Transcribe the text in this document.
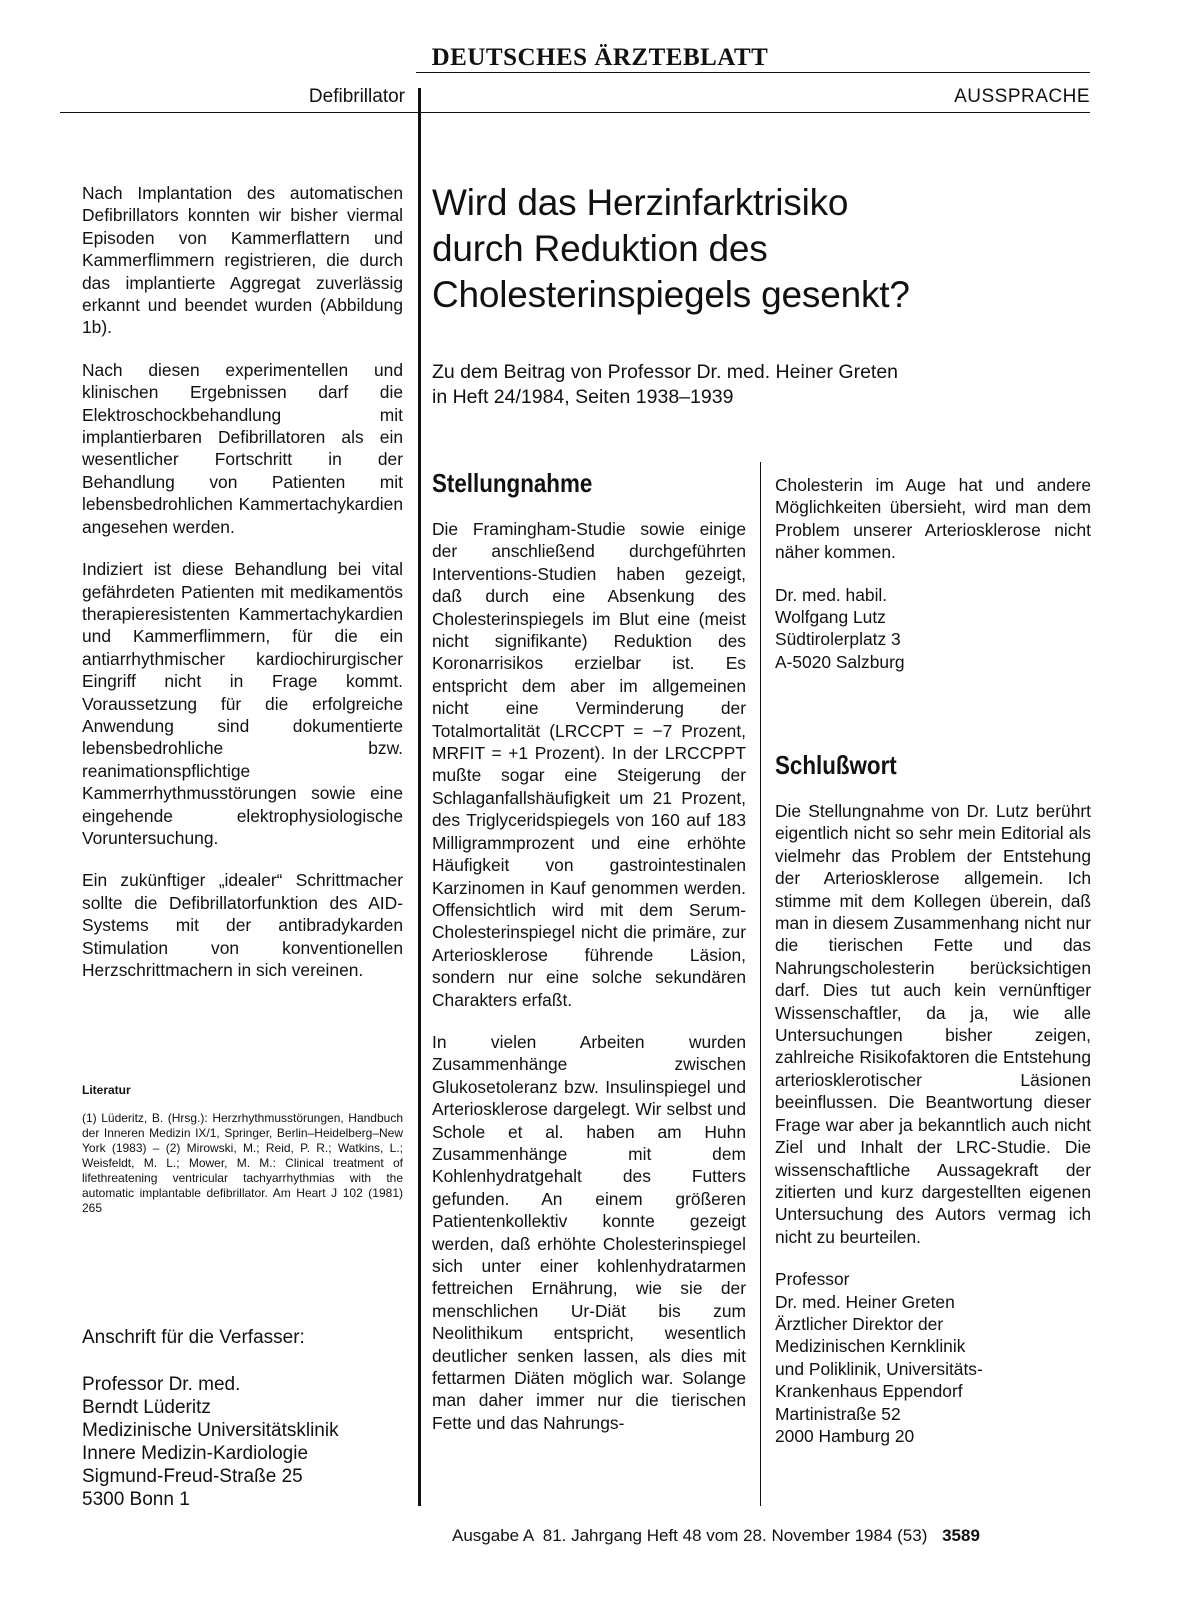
DEUTSCHES ÄRZTEBLATT
Defibrillator	AUSSPRACHE

Nach Implantation des automatischen Defibrillators konnten wir bisher viermal Episoden von Kammerflattern und Kammerflimmern registrieren, die durch das implantierte Aggregat zuverlässig erkannt und beendet wurden (Abbildung 1b).

Nach diesen experimentellen und klinischen Ergebnissen darf die Elektroschockbehandlung mit implantierbaren Defibrillatoren als ein wesentlicher Fortschritt in der Behandlung von Patienten mit lebensbedrohlichen Kammertachykardien angesehen werden.

Indiziert ist diese Behandlung bei vital gefährdeten Patienten mit medikamentös therapieresistenten Kammertachykardien und Kammerflimmern, für die ein antiarrhythmischer kardiochirurgischer Eingriff nicht in Frage kommt. Voraussetzung für die erfolgreiche Anwendung sind dokumentierte lebensbedrohliche bzw. reanimationspflichtige Kammerrhythmusstörungen sowie eine eingehende elektrophysiologische Voruntersuchung.

Ein zukünftiger „idealer“ Schrittmacher sollte die Defibrillatorfunktion des AID-Systems mit der antibradykarden Stimulation von konventionellen Herzschrittmachern in sich vereinen.

Literatur

(1) Lüderitz, B. (Hrsg.): Herzrhythmusstörungen, Handbuch der Inneren Medizin IX/1, Springer, Berlin–Heidelberg–New York (1983) – (2) Mirowski, M.; Reid, P. R.; Watkins, L.; Weisfeldt, M. L.; Mower, M. M.: Clinical treatment of lifethreatening ventricular tachyarrhythmias with the automatic implantable defibrillator. Am Heart J 102 (1981) 265

Anschrift für die Verfasser:
Professor Dr. med.
Berndt Lüderitz
Medizinische Universitätsklinik
Innere Medizin-Kardiologie
Sigmund-Freud-Straße 25
5300 Bonn 1
Wird das Herzinfarktrisiko
durch Reduktion des
Cholesterinspiegels gesenkt?

Zu dem Beitrag von Professor Dr. med. Heiner Greten
in Heft 24/1984, Seiten 1938–1939

Stellungnahme

Die Framingham-Studie sowie einige der anschließend durchgeführten Interventions-Studien haben gezeigt, daß durch eine Absenkung des Cholesterinspiegels im Blut eine (meist nicht signifikante) Reduktion des Koronarrisikos erzielbar ist. Es entspricht dem aber im allgemeinen nicht eine Verminderung der Totalmortalität (LRCCPT = −7 Prozent, MRFIT = +1 Prozent). In der LRCCPPT mußte sogar eine Steigerung der Schlaganfallshäufigkeit um 21 Prozent, des Triglyceridspiegels von 160 auf 183 Milligrammprozent und eine erhöhte Häufigkeit von gastrointestinalen Karzinomen in Kauf genommen werden. Offensichtlich wird mit dem Serum-Cholesterinspiegel nicht die primäre, zur Arteriosklerose führende Läsion, sondern nur eine solche sekundären Charakters erfaßt.

In vielen Arbeiten wurden Zusammenhänge zwischen Glukosetoleranz bzw. Insulinspiegel und Arteriosklerose dargelegt. Wir selbst und Schole et al. haben am Huhn Zusammenhänge mit dem Kohlenhydratgehalt des Futters gefunden. An einem größeren Patientenkollektiv konnte gezeigt werden, daß erhöhte Cholesterinspiegel sich unter einer kohlenhydratarmen fettreichen Ernährung, wie sie der menschlichen Ur-Diät bis zum Neolithikum entspricht, wesentlich deutlicher senken lassen, als dies mit fettarmen Diäten möglich war. Solange man daher immer nur die tierischen Fette und das Nahrungs-

Cholesterin im Auge hat und andere Möglichkeiten übersieht, wird man dem Problem unserer Arteriosklerose nicht näher kommen.

Dr. med. habil.
Wolfgang Lutz
Südtirolerplatz 3
A-5020 Salzburg
Schlußwort

Die Stellungnahme von Dr. Lutz berührt eigentlich nicht so sehr mein Editorial als vielmehr das Problem der Entstehung der Arteriosklerose allgemein. Ich stimme mit dem Kollegen überein, daß man in diesem Zusammenhang nicht nur die tierischen Fette und das Nahrungscholesterin berücksichtigen darf. Dies tut auch kein vernünftiger Wissenschaftler, da ja, wie alle Untersuchungen bisher zeigen, zahlreiche Risikofaktoren die Entstehung arteriosklerotischer Läsionen beeinflussen. Die Beantwortung dieser Frage war aber ja bekanntlich auch nicht Ziel und Inhalt der LRC-Studie. Die wissenschaftliche Aussagekraft der zitierten und kurz dargestellten eigenen Untersuchung des Autors vermag ich nicht zu beurteilen.

Professor
Dr. med. Heiner Greten
Ärztlicher Direktor der
Medizinischen Kernklinik
und Poliklinik, Universitäts-
Krankenhaus Eppendorf
Martinistraße 52
2000 Hamburg 20
Ausgabe A  81. Jahrgang Heft 48 vom 28. November 1984 (53) 3589
